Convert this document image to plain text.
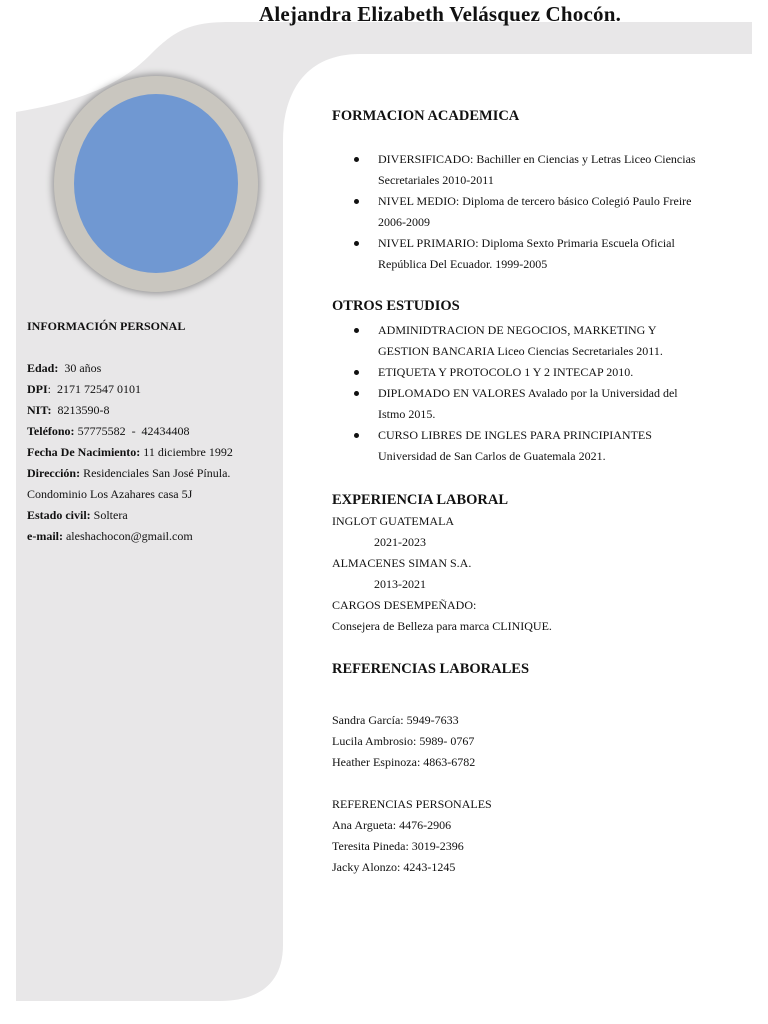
Alejandra Elizabeth Velásquez Chocón.
INFORMACIÓN PERSONAL
Edad:  30 años
DPI:  2171 72547 0101
NIT:  8213590-8
Teléfono: 57775582  -  42434408
Fecha De Nacimiento: 11 diciembre 1992
Dirección: Residenciales San José Pínula.
Condominio Los Azahares casa 5J
Estado civil: Soltera
e-mail: aleshachocon@gmail.com
FORMACION ACADEMICA
DIVERSIFICADO: Bachiller en Ciencias y Letras Liceo Ciencias
Secretariales 2010-2011
NIVEL MEDIO: Diploma de tercero básico Colegió Paulo Freire
2006-2009
NIVEL PRIMARIO: Diploma Sexto Primaria Escuela Oficial
República Del Ecuador. 1999-2005
OTROS ESTUDIOS
ADMINIDTRACION DE NEGOCIOS, MARKETING Y
GESTION BANCARIA Liceo Ciencias Secretariales 2011.
ETIQUETA Y PROTOCOLO 1 Y 2 INTECAP 2010.
DIPLOMADO EN VALORES Avalado por la Universidad del
Istmo 2015.
CURSO LIBRES DE INGLES PARA PRINCIPIANTES
Universidad de San Carlos de Guatemala 2021.
EXPERIENCIA LABORAL
INGLOT GUATEMALA
2021-2023
ALMACENES SIMAN S.A.
2013-2021
CARGOS DESEMPEÑADO:
Consejera de Belleza para marca CLINIQUE.
REFERENCIAS LABORALES
Sandra García: 5949-7633
Lucila Ambrosio: 5989- 0767
Heather Espinoza: 4863-6782
REFERENCIAS PERSONALES
Ana Argueta: 4476-2906
Teresita Pineda: 3019-2396
Jacky Alonzo: 4243-1245
